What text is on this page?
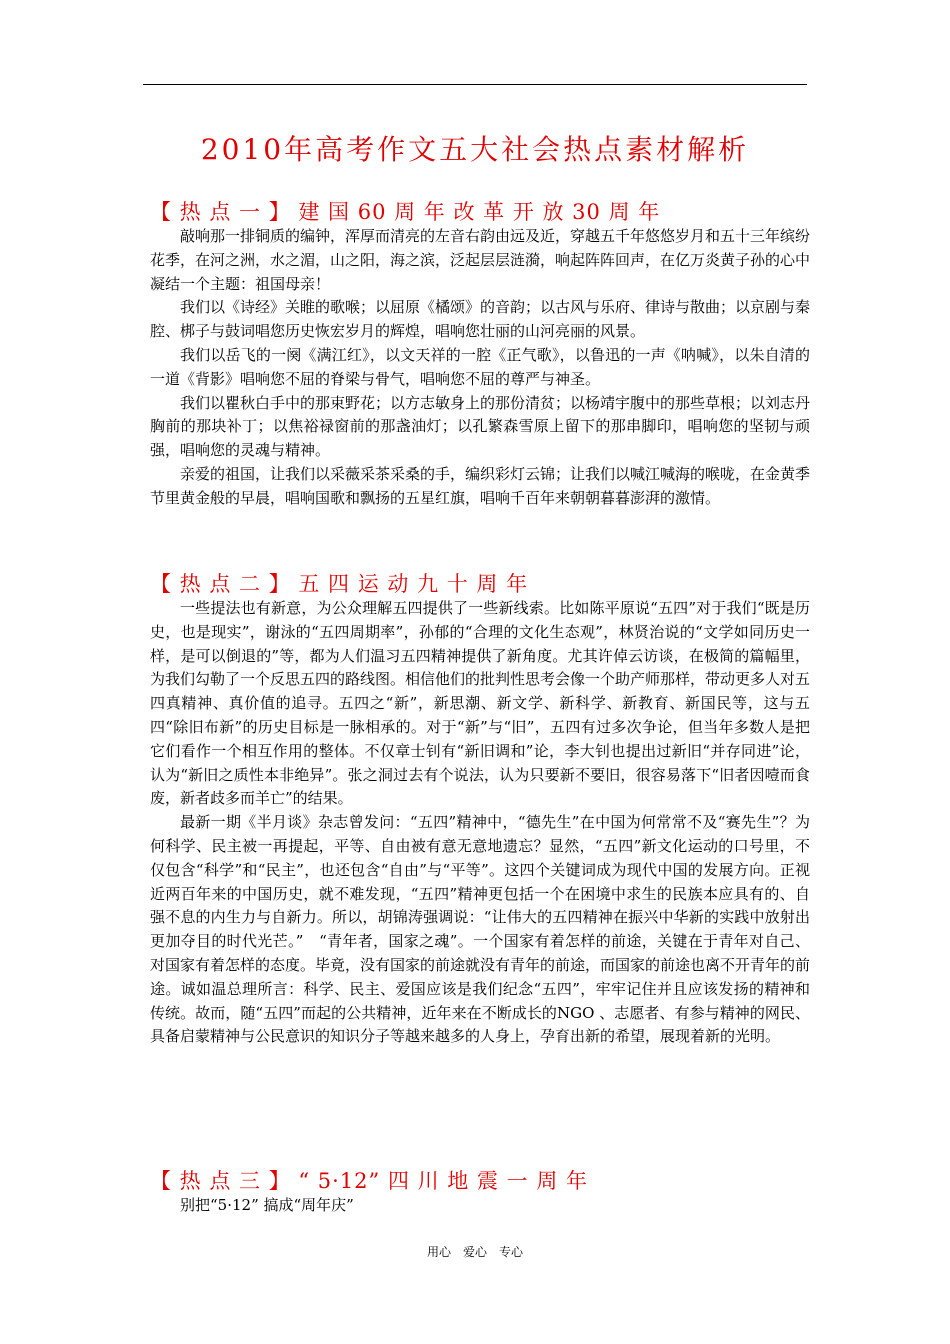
2010年高考作文五大社会热点素材解析
【 热 点 一 】 建 国 60 周 年 改 革 开 放 30 周 年

敲响那一排铜质的编钟，浑厚而清亮的左音右韵由远及近，穿越五千年悠悠岁月和五十三年缤纷花季，在河之洲，水之湄，山之阳，海之滨，泛起层层涟漪，响起阵阵回声，在亿万炎黄子孙的心中凝结一个主题：祖国母亲！

我们以《诗经》关睢的歌喉；以屈原《橘颂》的音韵；以古风与乐府、律诗与散曲；以京剧与秦腔、梆子与鼓词唱您历史恢宏岁月的辉煌，唱响您壮丽的山河亮丽的风景。

我们以岳飞的一阕《满江红》，以文天祥的一腔《正气歌》，以鲁迅的一声《呐喊》，以朱自清的一道《背影》唱响您不屈的脊梁与骨气，唱响您不屈的尊严与神圣。

我们以瞿秋白手中的那束野花；以方志敏身上的那份清贫；以杨靖宇腹中的那些草根；以刘志丹胸前的那块补丁；以焦裕禄窗前的那盏油灯；以孔繁森雪原上留下的那串脚印，唱响您的坚韧与顽强，唱响您的灵魂与精神。

亲爱的祖国，让我们以采薇采茶采桑的手，编织彩灯云锦；让我们以喊江喊海的喉咙，在金黄季节里黄金般的早晨，唱响国歌和飘扬的五星红旗，唱响千百年来朝朝暮暮澎湃的激情。

【 热 点 二 】 五 四 运 动 九 十 周 年

一些提法也有新意，为公众理解五四提供了一些新线索。比如陈平原说“五四”对于我们“既是历史，也是现实”，谢泳的“五四周期率”，孙郁的“合理的文化生态观”，林贤治说的“文学如同历史一样，是可以倒退的”等，都为人们温习五四精神提供了新角度。尤其许倬云访谈，在极简的篇幅里，为我们勾勒了一个反思五四的路线图。相信他们的批判性思考会像一个助产师那样，带动更多人对五四真精神、真价值的追寻。五四之“新”，新思潮、新文学、新科学、新教育、新国民等，这与五四“除旧布新”的历史目标是一脉相承的。对于“新”与“旧”，五四有过多次争论，但当年多数人是把它们看作一个相互作用的整体。不仅章士钊有“新旧调和”论，李大钊也提出过新旧“并存同进”论，认为“新旧之质性本非绝异”。张之洞过去有个说法，认为只要新不要旧，很容易落下“旧者因噎而食废，新者歧多而羊亡”的结果。

最新一期《半月谈》杂志曾发问：“五四”精神中，“德先生”在中国为何常常不及“赛先生”？为何科学、民主被一再提起，平等、自由被有意无意地遗忘？显然，“五四”新文化运动的口号里，不仅包含“科学”和“民主”，也还包含“自由”与“平等”。这四个关键词成为现代中国的发展方向。正视近两百年来的中国历史，就不难发现，“五四”精神更包括一个在困境中求生的民族本应具有的、自强不息的内生力与自新力。所以，胡锦涛强调说：“让伟大的五四精神在振兴中华新的实践中放射出更加夺目的时代光芒。”　“青年者，国家之魂”。一个国家有着怎样的前途，关键在于青年对自己、对国家有着怎样的态度。毕竟，没有国家的前途就没有青年的前途，而国家的前途也离不开青年的前途。诚如温总理所言：科学、民主、爱国应该是我们纪念“五四”，牢牢记住并且应该发扬的精神和传统。故而，随“五四”而起的公共精神，近年来在不断成长的NGO 、志愿者、有参与精神的网民、具备启蒙精神与公民意识的知识分子等越来越多的人身上，孕育出新的希望，展现着新的光明。

【 热 点 三 】 “ 5·12” 四 川 地 震 一 周 年

别把“5·12” 搞成“周年庆”

用心　爱心　专心
